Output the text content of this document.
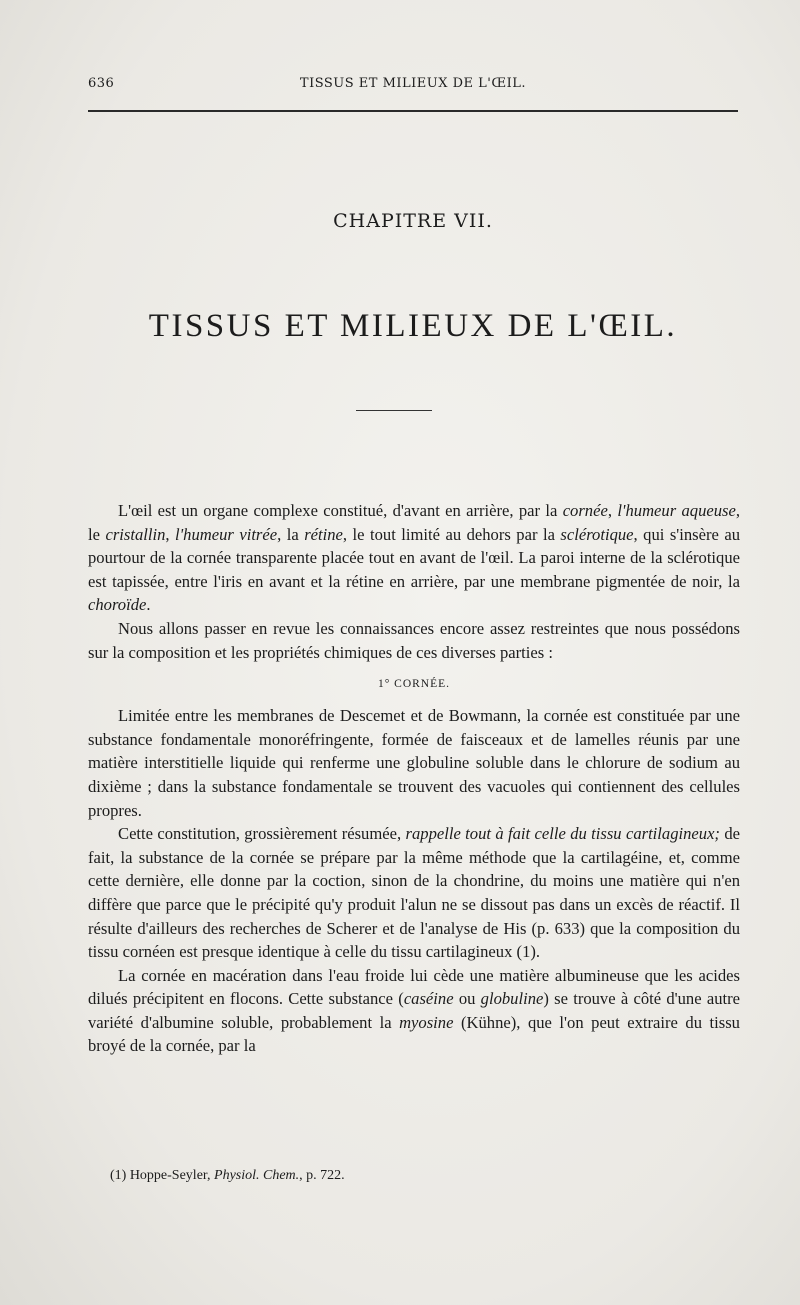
636	TISSUS ET MILIEUX DE L'ŒIL.
CHAPITRE VII.
TISSUS ET MILIEUX DE L'ŒIL.

L'œil est un organe complexe constitué, d'avant en arrière, par la cornée, l'humeur aqueuse, le cristallin, l'humeur vitrée, la rétine, le tout limité au dehors par la sclérotique, qui s'insère au pourtour de la cornée transparente placée tout en avant de l'œil. La paroi interne de la sclérotique est tapissée, entre l'iris en avant et la rétine en arrière, par une membrane pigmentée de noir, la choroïde.

Nous allons passer en revue les connaissances encore assez restreintes que nous possédons sur la composition et les propriétés chimiques de ces diverses parties :

1° CORNÉE.

Limitée entre les membranes de Descemet et de Bowmann, la cornée est constituée par une substance fondamentale monoréfringente, formée de faisceaux et de lamelles réunis par une matière interstitielle liquide qui renferme une globuline soluble dans le chlorure de sodium au dixième ; dans la substance fondamentale se trouvent des vacuoles qui contiennent des cellules propres.

Cette constitution, grossièrement résumée, rappelle tout à fait celle du tissu cartilagineux; de fait, la substance de la cornée se prépare par la même méthode que la cartilagéine, et, comme cette dernière, elle donne par la coction, sinon de la chondrine, du moins une matière qui n'en diffère que parce que le précipité qu'y produit l'alun ne se dissout pas dans un excès de réactif. Il résulte d'ailleurs des recherches de Scherer et de l'analyse de His (p. 633) que la composition du tissu cornéen est presque identique à celle du tissu cartilagineux (1).

La cornée en macération dans l'eau froide lui cède une matière albumineuse que les acides dilués précipitent en flocons. Cette substance (caséine ou globuline) se trouve à côté d'une autre variété d'albumine soluble, probablement la myosine (Kühne), que l'on peut extraire du tissu broyé de la cornée, par la

(1) Hoppe-Seyler, Physiol. Chem., p. 722.
